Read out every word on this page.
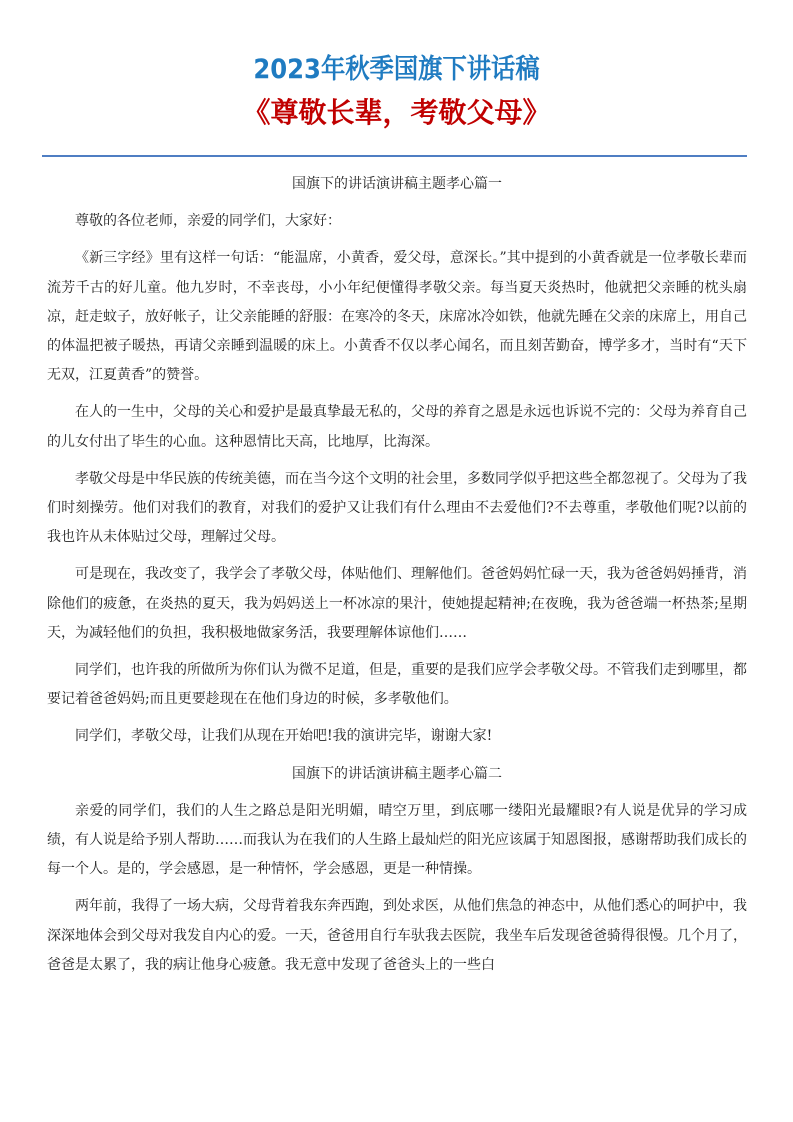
2023年秋季国旗下讲话稿
《尊敬长辈，考敬父母》

国旗下的讲话演讲稿主题孝心篇一

尊敬的各位老师，亲爱的同学们，大家好：

《新三字经》里有这样一句话：“能温席，小黄香，爱父母，意深长。”其中提到的小黄香就是一位孝敬长辈而流芳千古的好儿童。他九岁时，不幸丧母，小小年纪便懂得孝敬父亲。每当夏天炎热时，他就把父亲睡的枕头扇凉，赶走蚊子，放好帐子，让父亲能睡的舒服：在寒冷的冬天，床席冰冷如铁，他就先睡在父亲的床席上，用自己的体温把被子暖热，再请父亲睡到温暖的床上。小黄香不仅以孝心闻名，而且刻苦勤奋，博学多才，当时有“天下无双，江夏黄香”的赞誉。

在人的一生中，父母的关心和爱护是最真挚最无私的，父母的养育之恩是永远也诉说不完的：父母为养育自己的儿女付出了毕生的心血。这种恩情比天高，比地厚，比海深。

孝敬父母是中华民族的传统美德，而在当今这个文明的社会里，多数同学似乎把这些全都忽视了。父母为了我们时刻操劳。他们对我们的教育，对我们的爱护又让我们有什么理由不去爱他们?不去尊重，孝敬他们呢?以前的我也许从未体贴过父母，理解过父母。

可是现在，我改变了，我学会了孝敬父母，体贴他们、理解他们。爸爸妈妈忙碌一天，我为爸爸妈妈捶背，消除他们的疲惫，在炎热的夏天，我为妈妈送上一杯冰凉的果汁，使她提起精神;在夜晚，我为爸爸端一杯热茶;星期天，为减轻他们的负担，我积极地做家务活，我要理解体谅他们……

同学们，也许我的所做所为你们认为微不足道，但是，重要的是我们应学会孝敬父母。不管我们走到哪里，都要记着爸爸妈妈;而且更要趁现在在他们身边的时候，多孝敬他们。

同学们，孝敬父母，让我们从现在开始吧!我的演讲完毕，谢谢大家!

国旗下的讲话演讲稿主题孝心篇二

亲爱的同学们，我们的人生之路总是阳光明媚，晴空万里，到底哪一缕阳光最耀眼?有人说是优异的学习成绩，有人说是给予别人帮助……而我认为在我们的人生路上最灿烂的阳光应该属于知恩图报，感谢帮助我们成长的每一个人。是的，学会感恩，是一种情怀，学会感恩，更是一种情操。

两年前，我得了一场大病，父母背着我东奔西跑，到处求医，从他们焦急的神态中，从他们悉心的呵护中，我深深地体会到父母对我发自内心的爱。一天，爸爸用自行车驮我去医院，我坐车后发现爸爸骑得很慢。几个月了，爸爸是太累了，我的病让他身心疲惫。我无意中发现了爸爸头上的一些白
